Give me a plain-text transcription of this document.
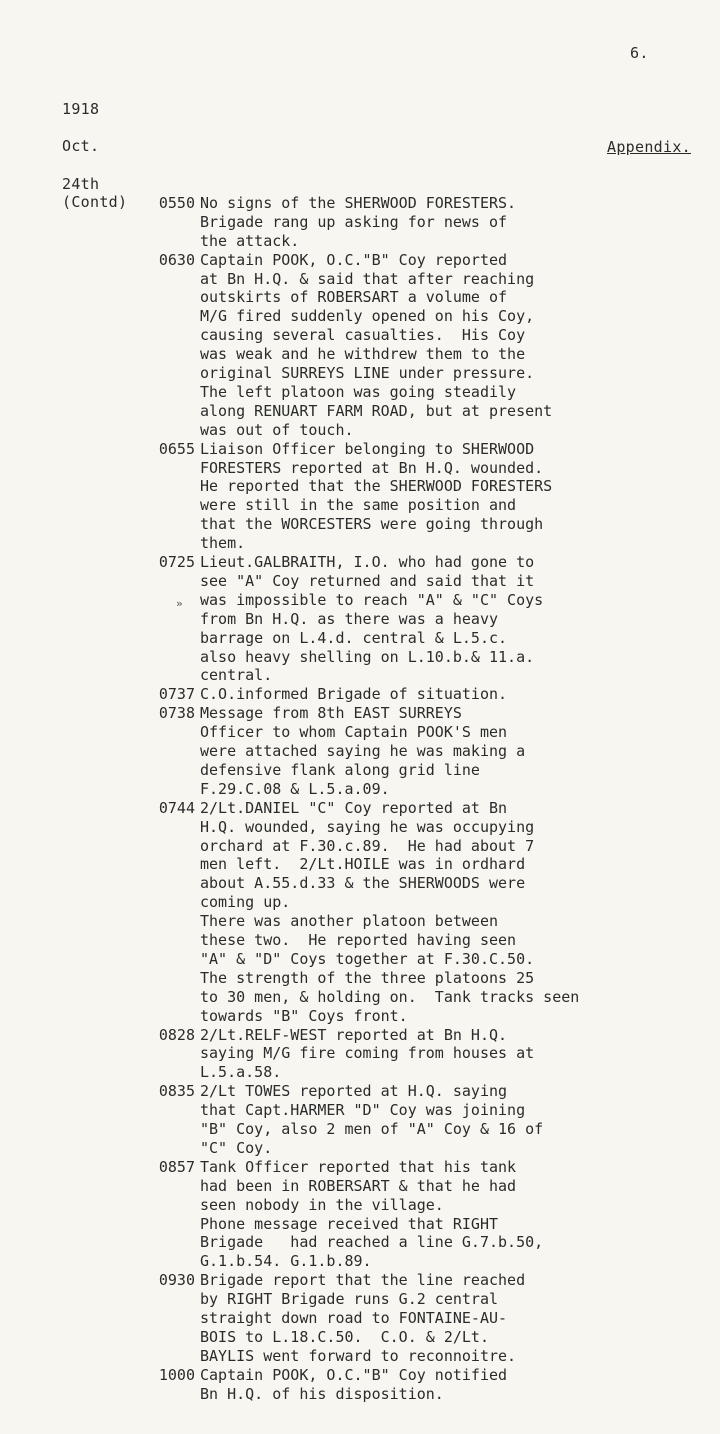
6.
1918
Oct.	Appendix.
24th
(Contd)
»
0550 No signs of the SHERWOOD FORESTERS.
Brigade rang up asking for news of
the attack.
0630 Captain POOK, O.C."B" Coy reported
at Bn H.Q. & said that after reaching
outskirts of ROBERSART a volume of
M/G fired suddenly opened on his Coy,
causing several casualties.  His Coy
was weak and he withdrew them to the
original SURREYS LINE under pressure.
The left platoon was going steadily
along RENUART FARM ROAD, but at present
was out of touch.
0655 Liaison Officer belonging to SHERWOOD
FORESTERS reported at Bn H.Q. wounded.
He reported that the SHERWOOD FORESTERS
were still in the same position and
that the WORCESTERS were going through
them.
0725 Lieut.GALBRAITH, I.O. who had gone to
see "A" Coy returned and said that it
was impossible to reach "A" & "C" Coys
from Bn H.Q. as there was a heavy
barrage on L.4.d. central & L.5.c.
also heavy shelling on L.10.b.& 11.a.
central.
0737 C.O.informed Brigade of situation.
0738 Message from 8th EAST SURREYS
Officer to whom Captain POOK'S men
were attached saying he was making a
defensive flank along grid line
F.29.C.08 & L.5.a.09.
0744 2/Lt.DANIEL "C" Coy reported at Bn
H.Q. wounded, saying he was occupying
orchard at F.30.c.89.  He had about 7
men left.  2/Lt.HOILE was in ordhard
about A.55.d.33 & the SHERWOODS were
coming up.
There was another platoon between
these two.  He reported having seen
"A" & "D" Coys together at F.30.C.50.
The strength of the three platoons 25
to 30 men, & holding on.  Tank tracks seen
towards "B" Coys front.
0828 2/Lt.RELF-WEST reported at Bn H.Q.
saying M/G fire coming from houses at
L.5.a.58.
0835 2/Lt TOWES reported at H.Q. saying
that Capt.HARMER "D" Coy was joining
"B" Coy, also 2 men of "A" Coy & 16 of
"C" Coy.
0857 Tank Officer reported that his tank
had been in ROBERSART & that he had
seen nobody in the village.
Phone message received that RIGHT
Brigade   had reached a line G.7.b.50,
G.1.b.54. G.1.b.89.
0930 Brigade report that the line reached
by RIGHT Brigade runs G.2 central
straight down road to FONTAINE-AU-
BOIS to L.18.C.50.  C.O. & 2/Lt.
BAYLIS went forward to reconnoitre.
1000 Captain POOK, O.C."B" Coy notified
Bn H.Q. of his disposition.
